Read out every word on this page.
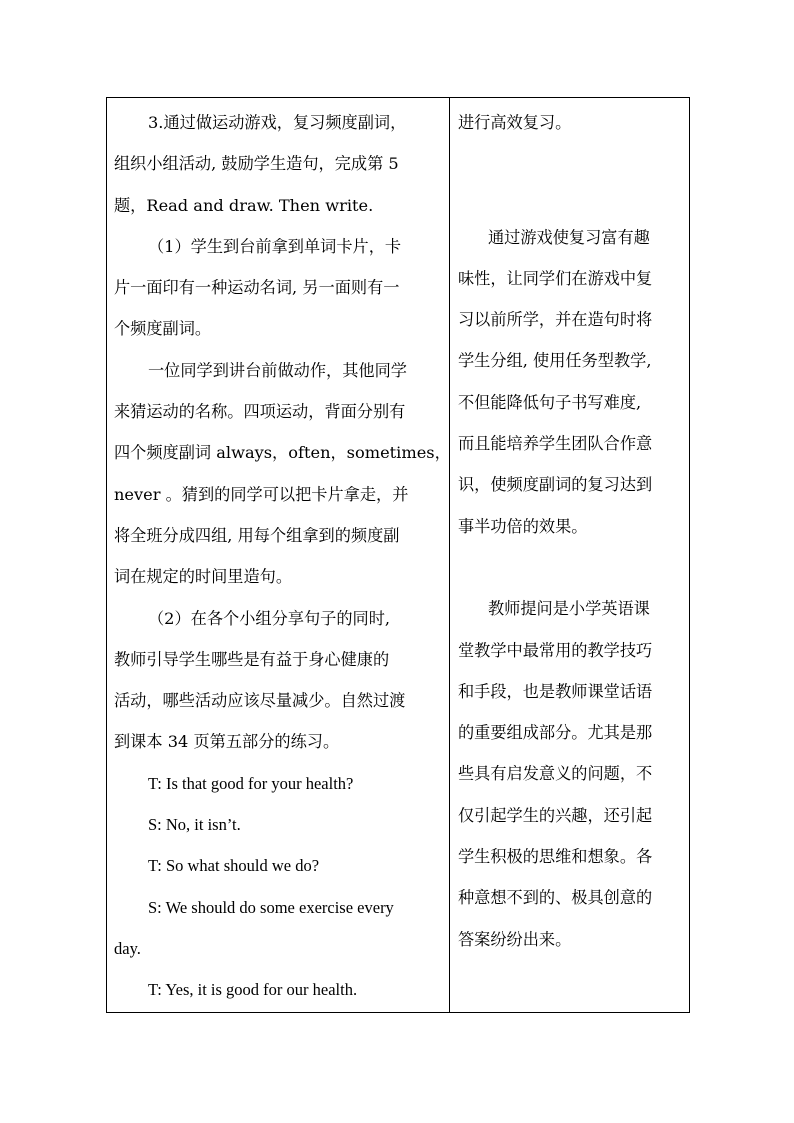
3.通过做运动游戏，复习频度副词，
组织小组活动, 鼓励学生造句，完成第 5
题，Read and draw. Then write.
（1）学生到台前拿到单词卡片，卡
片一面印有一种运动名词, 另一面则有一
个频度副词。
一位同学到讲台前做动作，其他同学
来猜运动的名称。四项运动，背面分别有
四个频度副词 always，often，sometimes，
never 。猜到的同学可以把卡片拿走，并
将全班分成四组, 用每个组拿到的频度副
词在规定的时间里造句。
（2）在各个小组分享句子的同时,
教师引导学生哪些是有益于身心健康的
活动，哪些活动应该尽量减少。自然过渡
到课本 34 页第五部分的练习。
T: Is that good for your health?
S: No, it isn’t.
T: So what should we do?
S: We should do some exercise every
day.
T: Yes, it is good for our health.

进行高效复习。
通过游戏使复习富有趣
味性，让同学们在游戏中复
习以前所学，并在造句时将
学生分组, 使用任务型教学,
不但能降低句子书写难度,
而且能培养学生团队合作意
识，使频度副词的复习达到
事半功倍的效果。
教师提问是小学英语课
堂教学中最常用的教学技巧
和手段，也是教师课堂话语
的重要组成部分。尤其是那
些具有启发意义的问题，不
仅引起学生的兴趣，还引起
学生积极的思维和想象。各
种意想不到的、极具创意的
答案纷纷出来。
